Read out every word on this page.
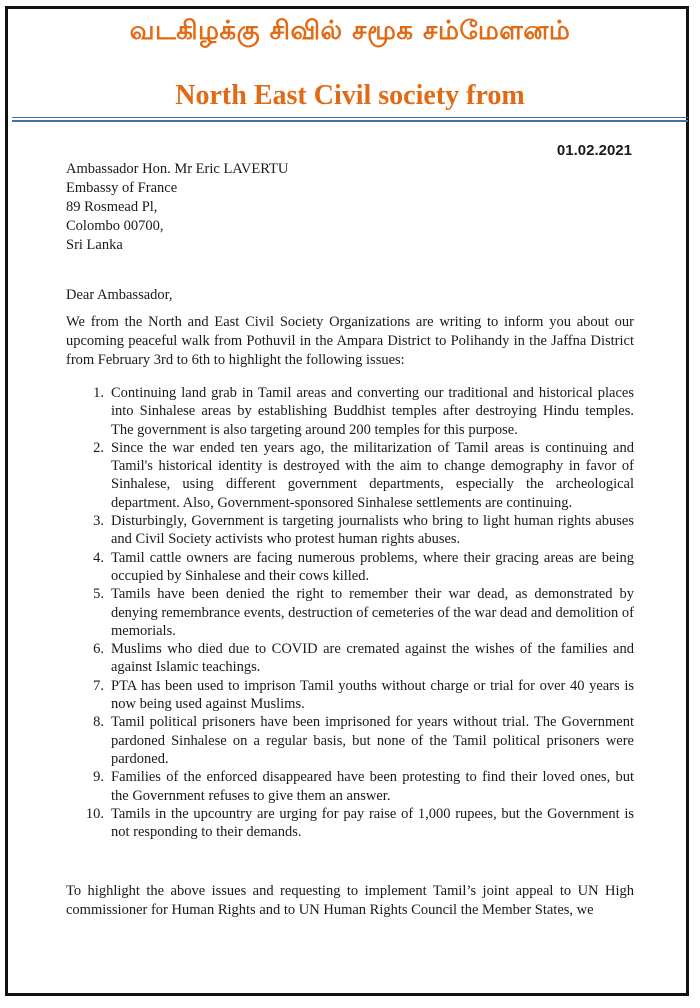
வடகிழக்கு சிவில் சமூக சம்மேளனம்
North East Civil society from
01.02.2021
Ambassador Hon. Mr Eric LAVERTU
Embassy of France
89 Rosmead Pl,
Colombo 00700,
Sri Lanka
Dear Ambassador,
We from the North and East Civil Society Organizations are writing to inform you about our upcoming peaceful walk from Pothuvil in the Ampara District to Polihandy in the Jaffna District from February 3rd to 6th to highlight the following issues:
1. Continuing land grab in Tamil areas and converting our traditional and historical places into Sinhalese areas by establishing Buddhist temples after destroying Hindu temples. The government is also targeting around 200 temples for this purpose.
2. Since the war ended ten years ago, the militarization of Tamil areas is continuing and Tamil's historical identity is destroyed with the aim to change demography in favor of Sinhalese, using different government departments, especially the archeological department. Also, Government-sponsored Sinhalese settlements are continuing.
3. Disturbingly, Government is targeting journalists who bring to light human rights abuses and Civil Society activists who protest human rights abuses.
4. Tamil cattle owners are facing numerous problems, where their gracing areas are being occupied by Sinhalese and their cows killed.
5. Tamils have been denied the right to remember their war dead, as demonstrated by denying remembrance events, destruction of cemeteries of the war dead and demolition of memorials.
6. Muslims who died due to COVID are cremated against the wishes of the families and against Islamic teachings.
7. PTA has been used to imprison Tamil youths without charge or trial for over 40 years is now being used against Muslims.
8. Tamil political prisoners have been imprisoned for years without trial. The Government pardoned Sinhalese on a regular basis, but none of the Tamil political prisoners were pardoned.
9. Families of the enforced disappeared have been protesting to find their loved ones, but the Government refuses to give them an answer.
10. Tamils in the upcountry are urging for pay raise of 1,000 rupees, but the Government is not responding to their demands.
To highlight the above issues and requesting to implement Tamil’s joint appeal to UN High commissioner for Human Rights and to UN Human Rights Council the Member States, we
